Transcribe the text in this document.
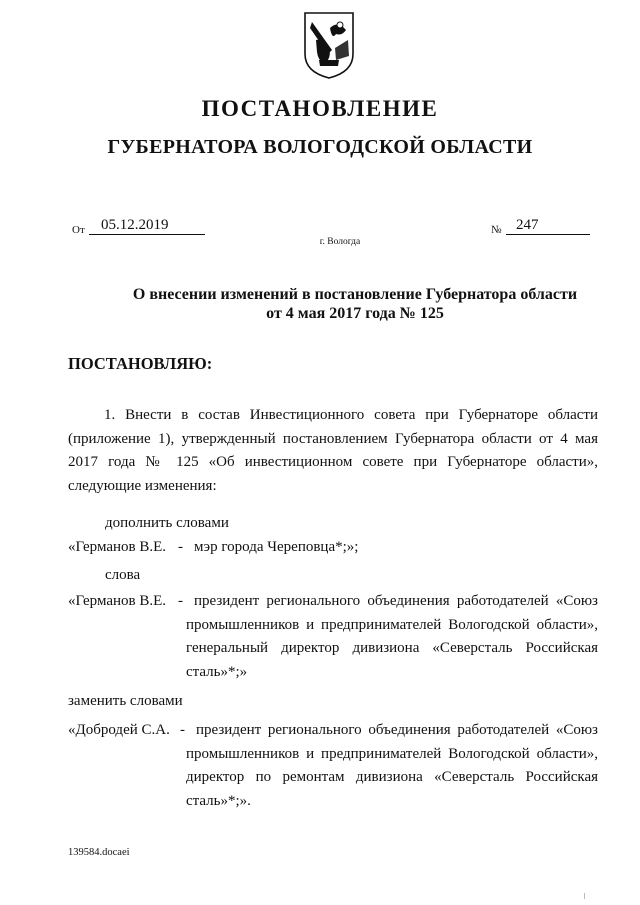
ПОСТАНОВЛЕНИЕ
ГУБЕРНАТОРА ВОЛОГОДСКОЙ ОБЛАСТИ
От	05.12.2019	№ 247
г. Вологда
О внесении изменений в постановление Губернатора области
от 4 мая 2017 года № 125
ПОСТАНОВЛЯЮ:
1. Внести в состав Инвестиционного совета при Губернаторе области (приложение 1), утвержденный постановлением Губернатора области от 4 мая 2017 года № 125 «Об инвестиционном совете при Губернаторе области», следующие изменения:
дополнить словами
«Германов В.Е. - мэр города Череповца*;»;
слова
«Германов В.Е. - президент регионального объединения работодателей «Союз промышленников и предпринимателей Вологодской области», генеральный директор дивизиона «Северсталь Российская сталь»*;»
заменить словами
«Добродей С.А. - президент регионального объединения работодателей «Союз промышленников и предпринимателей Вологодской области», директор по ремонтам дивизиона «Северсталь Российская сталь»*;».
139584.docaei
